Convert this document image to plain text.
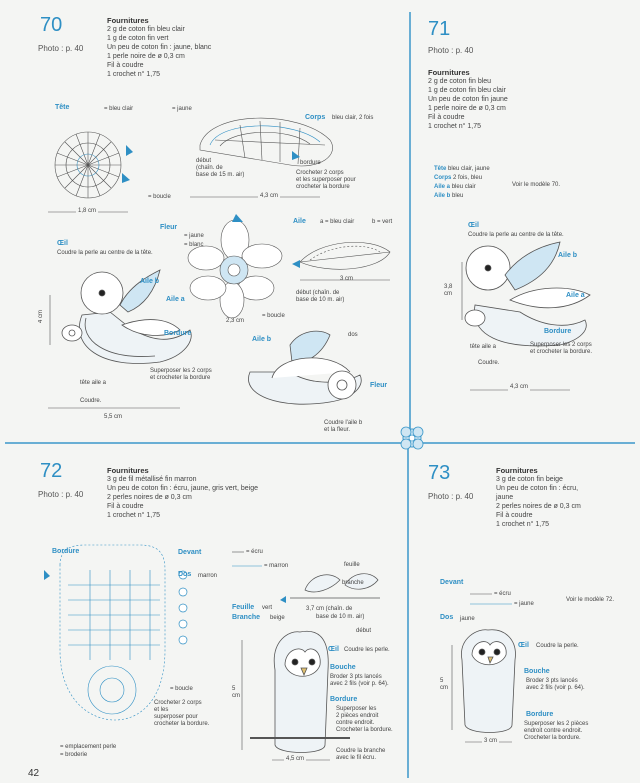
70
Photo : p. 40
Fournitures
2 g de coton fin bleu clair
1 g de coton fin vert
Un peu de coton fin : jaune, blanc
1 perle noire de ø 0,3 cm
Fil à coudre
1 crochet n° 1,75
Tête	= bleu clair	= jaune
Corps bleu clair, 2 fois
début
(chaîn. de
base de 15 m. air)
bordure
Crocheter 2 corps
et les superposer pour
crocheter la bordure
= boucle
1,8 cm
4,3 cm
Fleur
= jaune
= blanc
Aile a = bleu clair	b = vert
Œil
Coudre la perle au centre de la tête.
Aile b
Aile a
Bordure
4 cm	2,3 cm
= boucle
3 cm
début (chaîn. de
base de 10 m. air)
dos
Aile b
Superposer les 2 corps
et crocheter la bordure
tête aile a
Coudre.
5,5 cm
Fleur
Coudre l'aile b
et la fleur.
71
Photo : p. 40
Fournitures
2 g de coton fin bleu
1 g de coton fin bleu clair
Un peu de coton fin jaune
1 perle noire de ø 0,3 cm
Fil à coudre
1 crochet n° 1,75
Tête bleu clair, jaune
Corps 2 fois, bleu
Aile a bleu clair
Aile b bleu
Voir le modèle 70.
Œil
Coudre la perle au centre de la tête.
Aile b
Aile a
Bordure
3,8 cm
tête aile a	Superposer les 2 corps
et crocheter la bordure.
Coudre.
4,3 cm
72
Photo : p. 40
Fournitures
3 g de fil métallisé fin marron
Un peu de coton fin : écru, jaune, gris vert, beige
2 perles noires de ø 0,3 cm
Fil à coudre
1 crochet n° 1,75
Bordure	Devant	= écru
= marron
Dos marron
feuille
branche
Feuille vert
Branche beige
3,7 cm (chaîn. de
base de 10 m. air)
début
Œil Coudre les perle.
Bouche
Broder 3 pts lancés
avec 2 fils (voir p. 64).
Bordure
Superposer les
2 pièces endroit
contre endroit.
Crocheter la bordure.
= boucle
Crocheter 2 corps
et les
superposer pour
crocheter la bordure.
5 cm
4,5 cm
Coudre la branche
avec le fil écru.
= emplacement perle
= broderie
73
Photo : p. 40
Fournitures
3 g de coton fin beige
Un peu de coton fin : écru,
jaune
2 perles noires de ø 0,3 cm
Fil à coudre
1 crochet n° 1,75
Devant
= écru
= jaune
Voir le modèle 72.
Dos jaune
Œil Coudre la perle.
Bouche
Broder 3 pts lancés
avec 2 fils (voir p. 64).
Bordure
Superposer les 2 pièces
endroit contre endroit.
Crocheter la bordure.
5 cm
3 cm
42
